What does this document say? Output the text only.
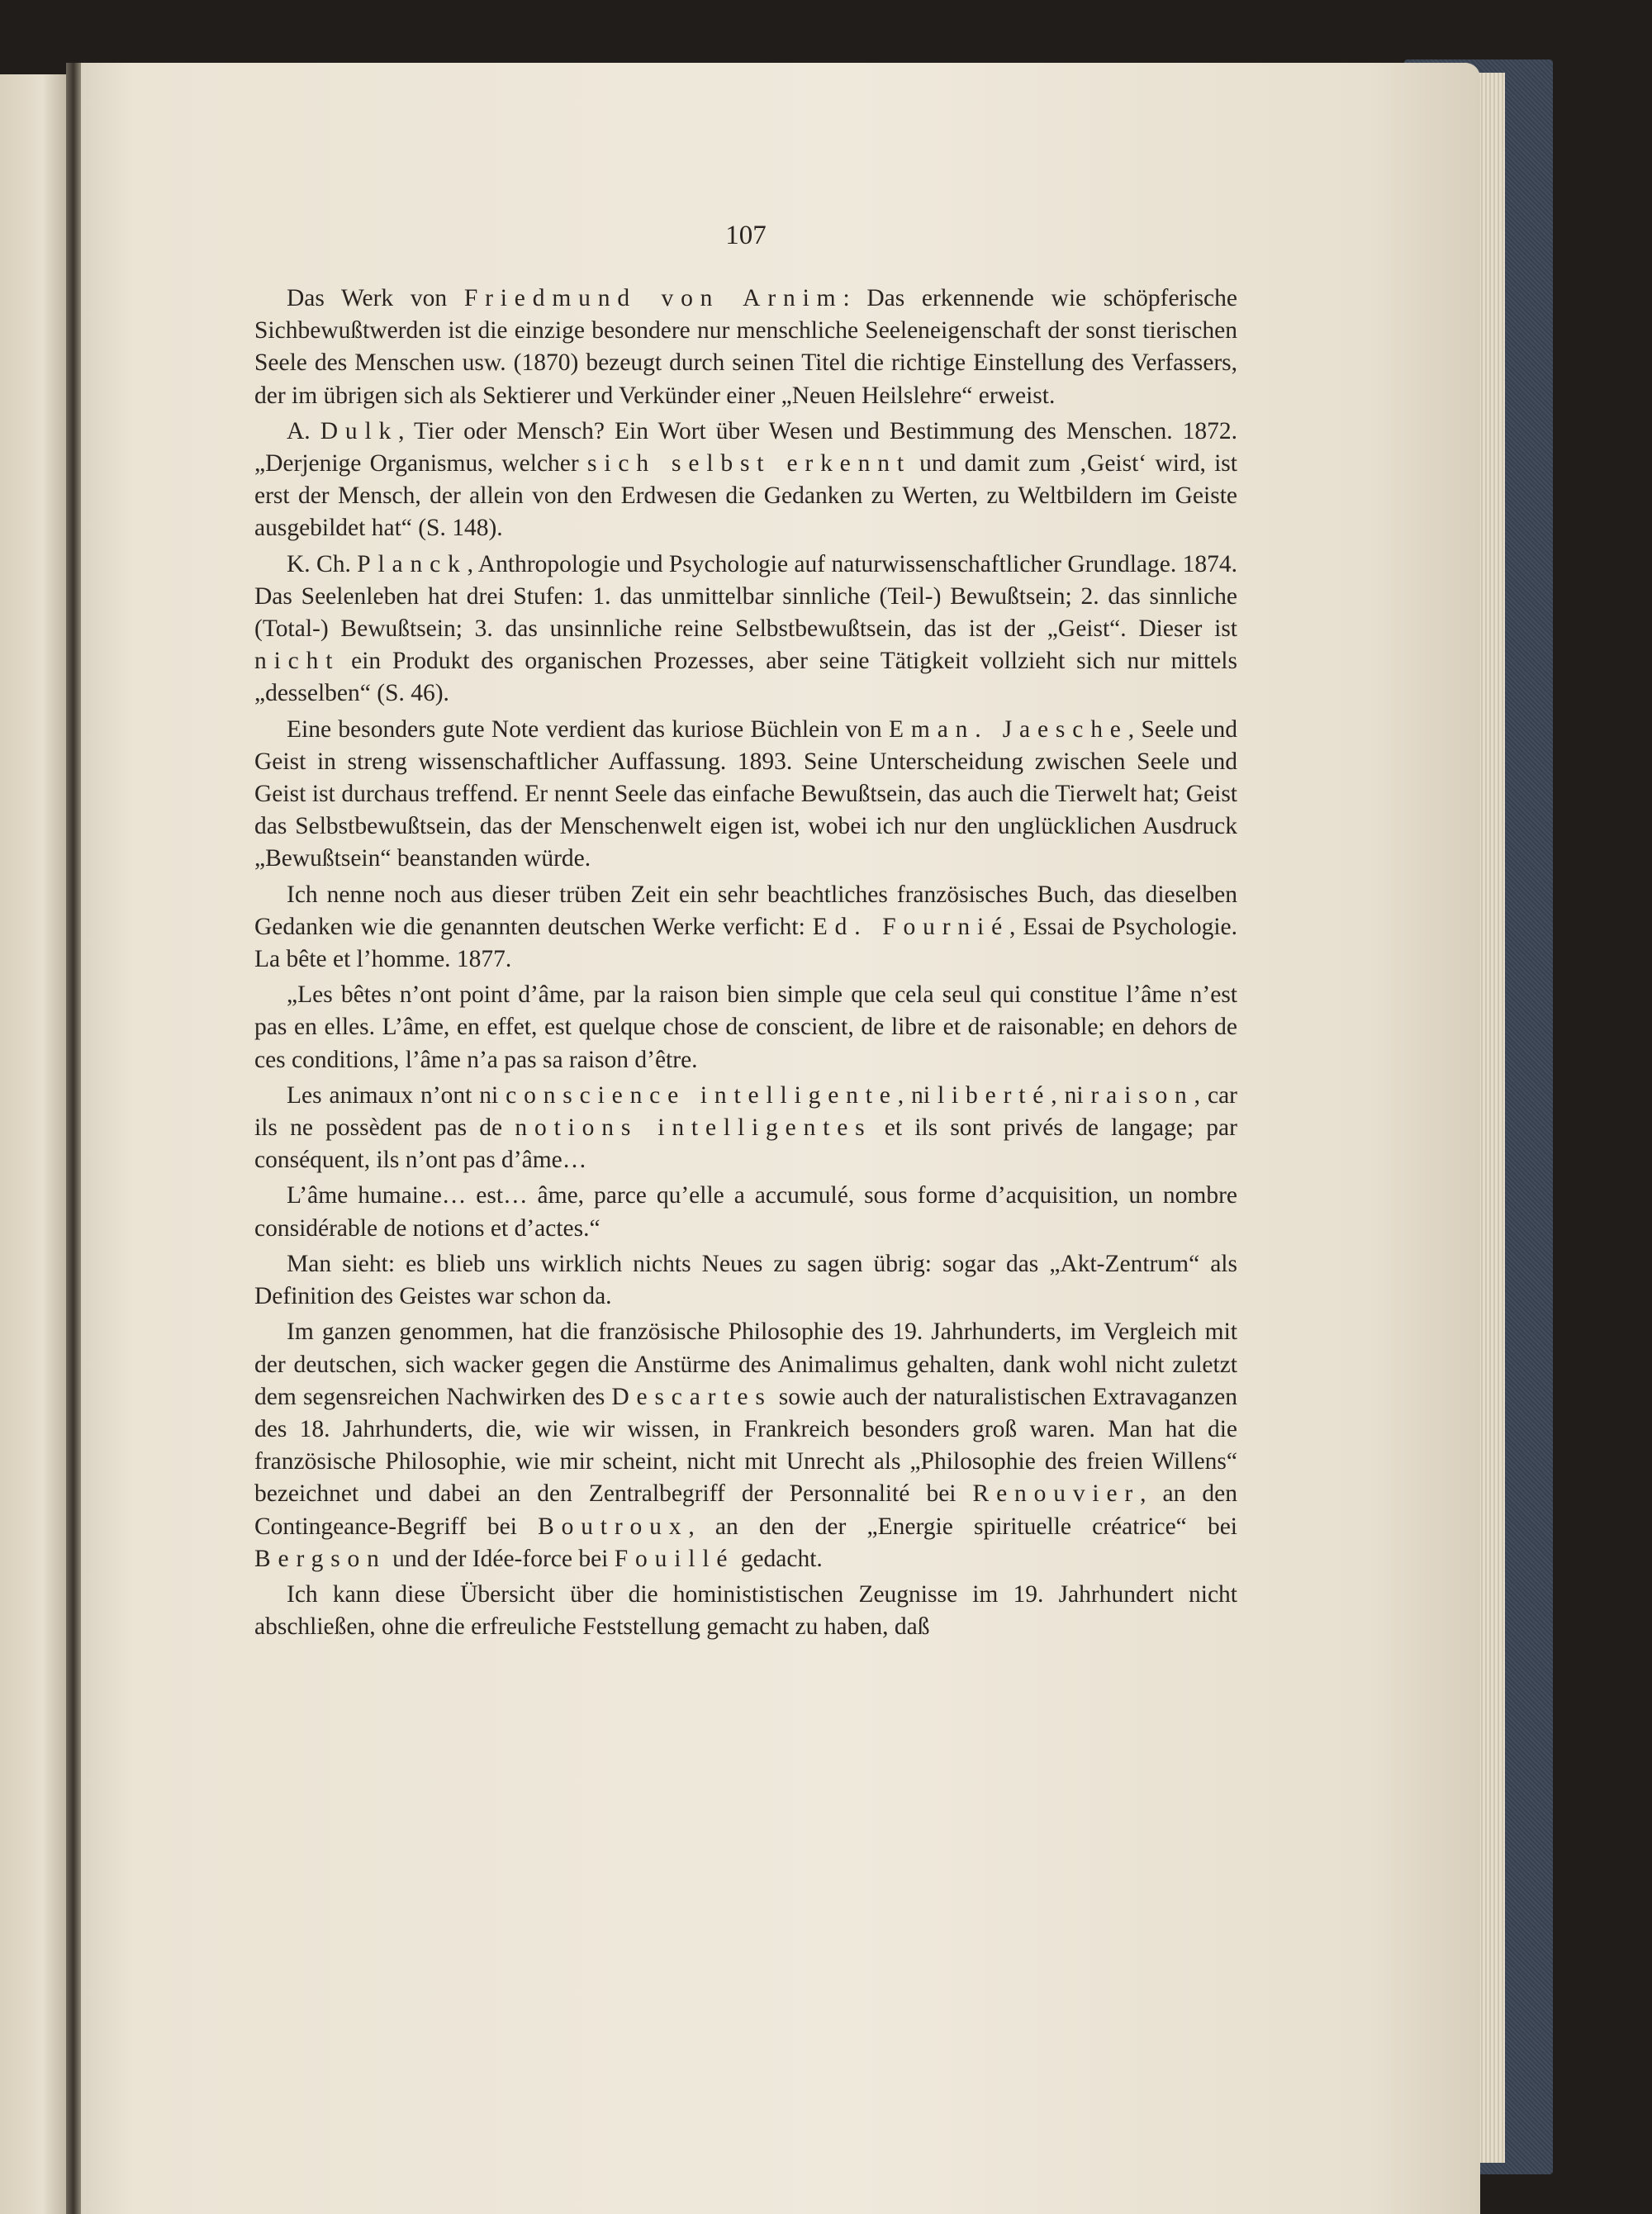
107

Das Werk von Friedmund von Arnim: Das erkennende wie schöpferische Sichbewußtwerden ist die einzige besondere nur menschliche Seeleneigenschaft der sonst tierischen Seele des Menschen usw. (1870) bezeugt durch seinen Titel die richtige Einstellung des Verfassers, der im übrigen sich als Sektierer und Verkünder einer „Neuen Heilslehre“ erweist.

A. Dulk, Tier oder Mensch? Ein Wort über Wesen und Bestimmung des Menschen. 1872. „Derjenige Organismus, welcher sich selbst erkennt und damit zum ‚Geist‘ wird, ist erst der Mensch, der allein von den Erdwesen die Gedanken zu Werten, zu Weltbildern im Geiste ausgebildet hat“ (S. 148).

K. Ch. Planck, Anthropologie und Psychologie auf naturwissenschaftlicher Grundlage. 1874. Das Seelenleben hat drei Stufen: 1. das unmittelbar sinnliche (Teil-) Bewußtsein; 2. das sinnliche (Total-) Bewußtsein; 3. das unsinnliche reine Selbstbewußtsein, das ist der „Geist“. Dieser ist nicht ein Produkt des organischen Prozesses, aber seine Tätigkeit vollzieht sich nur mittels „desselben“ (S. 46).

Eine besonders gute Note verdient das kuriose Büchlein von Eman. Jaesche, Seele und Geist in streng wissenschaftlicher Auffassung. 1893. Seine Unterscheidung zwischen Seele und Geist ist durchaus treffend. Er nennt Seele das einfache Bewußtsein, das auch die Tierwelt hat; Geist das Selbstbewußtsein, das der Menschenwelt eigen ist, wobei ich nur den unglücklichen Ausdruck „Bewußtsein“ beanstanden würde.

Ich nenne noch aus dieser trüben Zeit ein sehr beachtliches französisches Buch, das dieselben Gedanken wie die genannten deutschen Werke verficht: Ed. Fournié, Essai de Psychologie. La bête et l’homme. 1877.

„Les bêtes n’ont point d’âme, par la raison bien simple que cela seul qui constitue l’âme n’est pas en elles. L’âme, en effet, est quelque chose de conscient, de libre et de raisonable; en dehors de ces conditions, l’âme n’a pas sa raison d’être.

Les animaux n’ont ni conscience intelligente, ni liberté, ni raison, car ils ne possèdent pas de notions intelligentes et ils sont privés de langage; par conséquent, ils n’ont pas d’âme…

L’âme humaine… est… âme, parce qu’elle a accumulé, sous forme d’acquisition, un nombre considérable de notions et d’actes.“

Man sieht: es blieb uns wirklich nichts Neues zu sagen übrig: sogar das „Akt-Zentrum“ als Definition des Geistes war schon da.

Im ganzen genommen, hat die französische Philosophie des 19. Jahrhunderts, im Vergleich mit der deutschen, sich wacker gegen die Anstürme des Animalimus gehalten, dank wohl nicht zuletzt dem segensreichen Nachwirken des Descartes sowie auch der naturalistischen Extravaganzen des 18. Jahrhunderts, die, wie wir wissen, in Frankreich besonders groß waren. Man hat die französische Philosophie, wie mir scheint, nicht mit Unrecht als „Philosophie des freien Willens“ bezeichnet und dabei an den Zentralbegriff der Personnalité bei Renouvier, an den Contingeance-Begriff bei Boutroux, an den der „Energie spirituelle créatrice“ bei Bergson und der Idée-force bei Fouillé gedacht.

Ich kann diese Übersicht über die hominististischen Zeugnisse im 19. Jahrhundert nicht abschließen, ohne die erfreuliche Feststellung gemacht zu haben, daß
